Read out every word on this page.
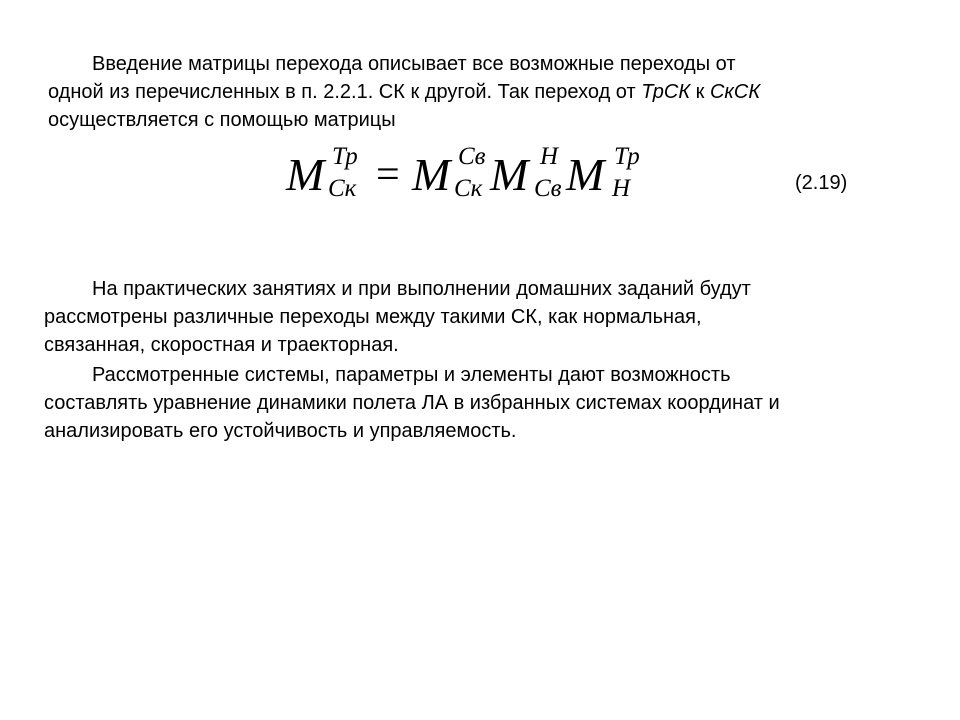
Введение матрицы перехода описывает все возможные переходы от
одной из перечисленных в п. 2.2.1. СК к другой. Так переход от ТрСК к СкСК
осуществляется с помощью матрицы
M Тр
Ск = M Св
Ск M Н
Св M Тр
Н	(2.19)
На практических занятиях и при выполнении домашних заданий будут
рассмотрены различные переходы между такими СК, как нормальная,
связанная, скоростная и траекторная.
Рассмотренные системы, параметры и элементы дают возможность
составлять уравнение динамики полета ЛА в избранных системах координат и
анализировать его устойчивость и управляемость.
